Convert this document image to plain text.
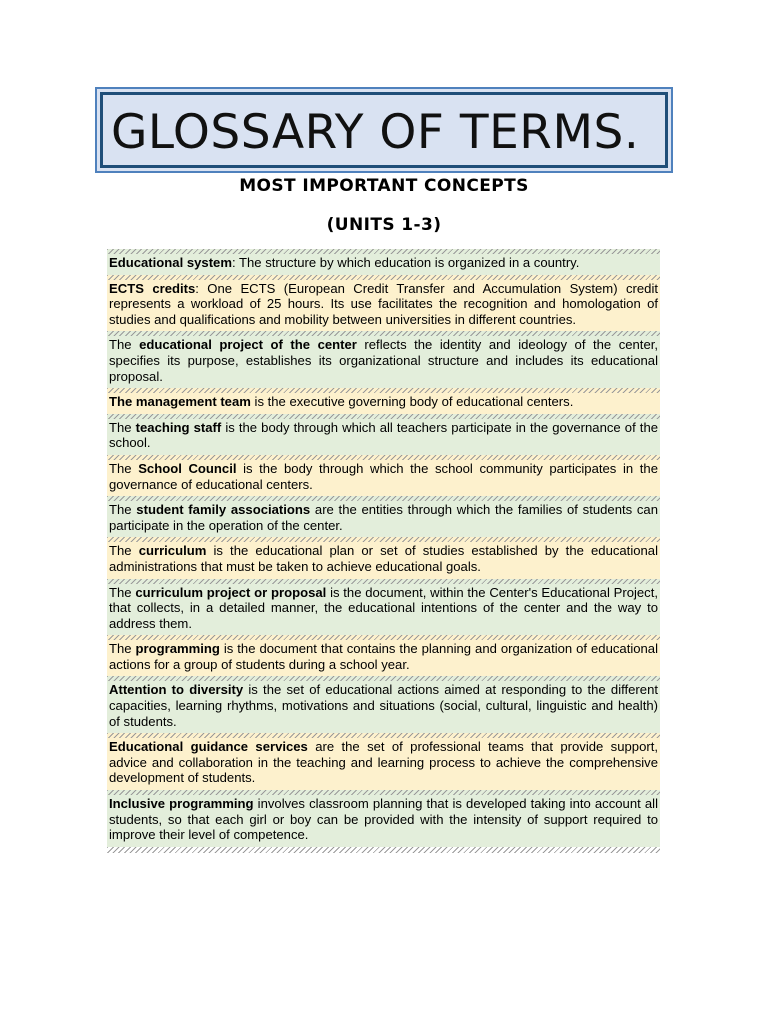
GLOSSARY OF TERMS.
MOST IMPORTANT CONCEPTS
(UNITS 1-3)
Educational system: The structure by which education is organized in a country.
ECTS credits: One ECTS (European Credit Transfer and Accumulation System) credit represents a workload of 25 hours. Its use facilitates the recognition and homologation of studies and qualifications and mobility between universities in different countries.
The educational project of the center reflects the identity and ideology of the center, specifies its purpose, establishes its organizational structure and includes its educational proposal.
The management team is the executive governing body of educational centers.
The teaching staff is the body through which all teachers participate in the governance of the school.
The School Council is the body through which the school community participates in the governance of educational centers.
The student family associations are the entities through which the families of students can participate in the operation of the center.
The curriculum is the educational plan or set of studies established by the educational administrations that must be taken to achieve educational goals.
The curriculum project or proposal is the document, within the Center's Educational Project, that collects, in a detailed manner, the educational intentions of the center and the way to address them.
The programming is the document that contains the planning and organization of educational actions for a group of students during a school year.
Attention to diversity is the set of educational actions aimed at responding to the different capacities, learning rhythms, motivations and situations (social, cultural, linguistic and health) of students.
Educational guidance services are the set of professional teams that provide support, advice and collaboration in the teaching and learning process to achieve the comprehensive development of students.
Inclusive programming involves classroom planning that is developed taking into account all students, so that each girl or boy can be provided with the intensity of support required to improve their level of competence.
